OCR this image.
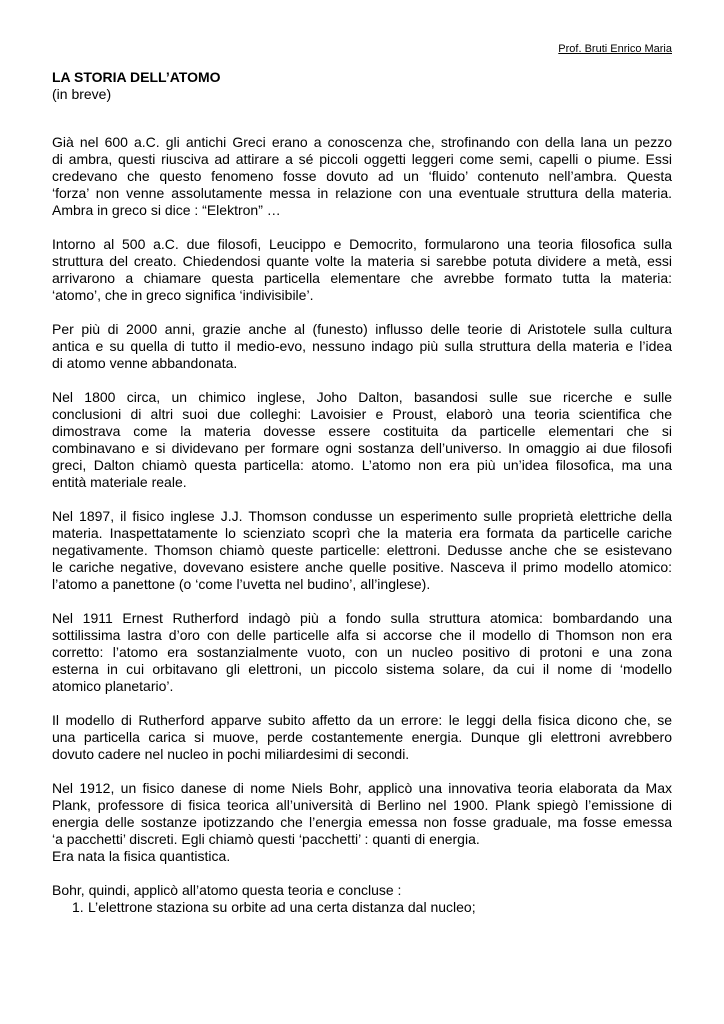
Prof. Bruti Enrico Maria
LA STORIA DELL’ATOMO
(in breve)
Già nel 600 a.C. gli antichi Greci erano a conoscenza che, strofinando con della lana un pezzo
di ambra, questi riusciva ad attirare a sé piccoli oggetti leggeri come semi, capelli o piume. Essi
credevano che questo fenomeno fosse dovuto ad un ‘fluido’ contenuto nell’ambra. Questa
‘forza’ non venne assolutamente messa in relazione con una eventuale struttura della materia.
Ambra in greco si dice : “Elektron” …
Intorno al 500 a.C. due filosofi, Leucippo e Democrito, formularono una teoria filosofica sulla
struttura del creato. Chiedendosi quante volte la materia si sarebbe potuta dividere a metà, essi
arrivarono a chiamare questa particella elementare che avrebbe formato tutta la materia:
‘atomo’, che in greco significa ‘indivisibile’.
Per più di 2000 anni, grazie anche al (funesto) influsso delle teorie di Aristotele sulla cultura
antica e su quella di tutto il medio-evo, nessuno indago più sulla struttura della materia e l’idea
di atomo venne abbandonata.
Nel 1800 circa, un chimico inglese, Joho Dalton, basandosi sulle sue ricerche e sulle
conclusioni di altri suoi due colleghi: Lavoisier e Proust, elaborò una teoria scientifica che
dimostrava come la materia dovesse essere costituita da particelle elementari che si
combinavano e si dividevano per formare ogni sostanza dell’universo. In omaggio ai due filosofi
greci, Dalton chiamò questa particella: atomo. L’atomo non era più un’idea filosofica, ma una
entità materiale reale.
Nel 1897, il fisico inglese J.J. Thomson condusse un esperimento sulle proprietà elettriche della
materia. Inaspettatamente lo scienziato scoprì che la materia era formata da particelle cariche
negativamente. Thomson chiamò queste particelle: elettroni. Dedusse anche che se esistevano
le cariche negative, dovevano esistere anche quelle positive. Nasceva il primo modello atomico:
l’atomo a panettone (o ‘come l’uvetta nel budino’, all’inglese).
Nel 1911 Ernest Rutherford indagò più a fondo sulla struttura atomica: bombardando una
sottilissima lastra d’oro con delle particelle alfa si accorse che il modello di Thomson non era
corretto: l’atomo era sostanzialmente vuoto, con un nucleo positivo di protoni e una zona
esterna in cui orbitavano gli elettroni, un piccolo sistema solare, da cui il nome di ‘modello
atomico planetario’.
Il modello di Rutherford apparve subito affetto da un errore: le leggi della fisica dicono che, se
una particella carica si muove, perde costantemente energia. Dunque gli elettroni avrebbero
dovuto cadere nel nucleo in pochi miliardesimi di secondi.
Nel 1912, un fisico danese di nome Niels Bohr, applicò una innovativa teoria elaborata da Max
Plank, professore di fisica teorica all’università di Berlino nel 1900. Plank spiegò l’emissione di
energia delle sostanze ipotizzando che l’energia emessa non fosse graduale, ma fosse emessa
‘a pacchetti’ discreti. Egli chiamò questi ‘pacchetti’ : quanti di energia.
Era nata la fisica quantistica.
Bohr, quindi, applicò all’atomo questa teoria e concluse :
1. L’elettrone staziona su orbite ad una certa distanza dal nucleo;
